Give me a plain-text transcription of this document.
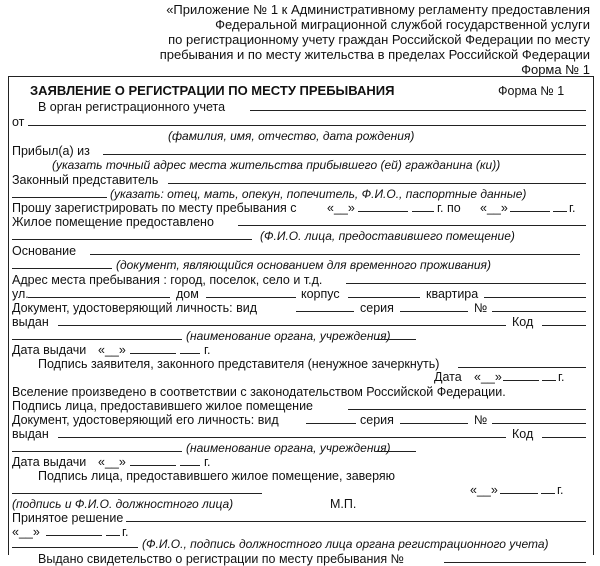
«Приложение № 1 к Административному регламенту предоставления
Федеральной миграционной службой государственной услуги
по регистрационному учету граждан Российской Федерации по месту
пребывания и по месту жительства в пределах Российской Федерации
Форма № 1
ЗАЯВЛЕНИЕ О РЕГИСТРАЦИИ ПО МЕСТУ ПРЕБЫВАНИЯ	Форма № 1
В орган регистрационного учета
от
(фамилия, имя, отчество, дата рождения)
Прибыл(а) из
(указать точный адрес места жительства прибывшего (ей) гражданина (ки))
Законный представитель
(указать: отец, мать, опекун, попечитель, Ф.И.О., паспортные данные)
Прошу зарегистрировать по месту пребывания с «__»	г. по «__»	г.
Жилое помещение предоставлено
(Ф.И.О. лица, предоставившего помещение)
Основание
(документ, являющийся основанием для временного проживания)
Адрес места пребывания : город, поселок, село и т.д.
ул.	дом	корпус	квартира
Документ, удостоверяющий личность: вид	серия	№
выдан	Код
(наименование органа, учреждения)
Дата выдачи «__»	г.
Подпись заявителя, законного представителя (ненужное зачеркнуть)
Дата «__»	г.
Вселение произведено в соответствии с законодательством Российской Федерации.
Подпись лица, предоставившего жилое помещение
Документ, удостоверяющий его личность: вид	серия	№
выдан	Код
(наименование органа, учреждения)
Дата выдачи «__»	г.
Подпись лица, предоставившего жилое помещение, заверяю
«__»	г.
(подпись и Ф.И.О. должностного лица)	М.П.
Принятое решение
«__»	г.
(Ф.И.О., подпись должностного лица органа регистрационного учета)
Выдано свидетельство о регистрации по месту пребывания №
